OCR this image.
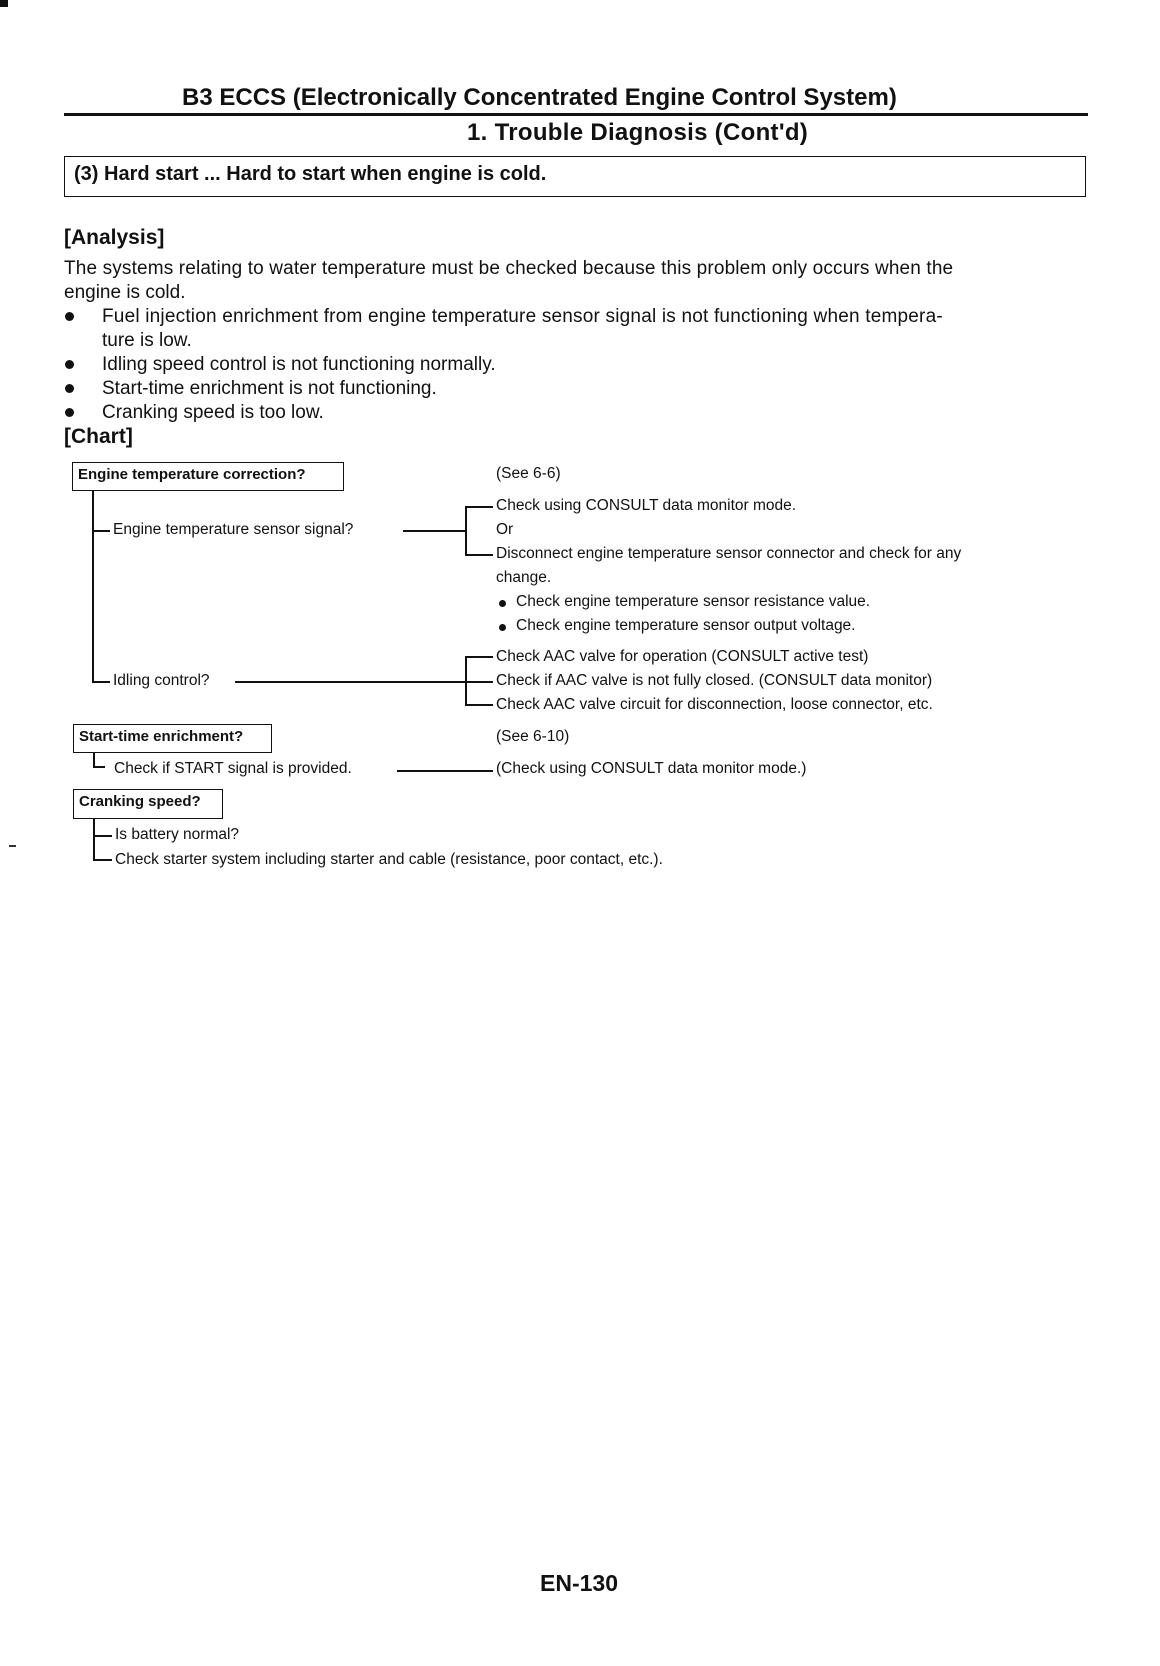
B3 ECCS (Electronically Concentrated Engine Control System)
1. Trouble Diagnosis (Cont'd)
(3) Hard start ... Hard to start when engine is cold.
[Analysis]
The systems relating to water temperature must be checked because this problem only occurs when the
engine is cold.
Fuel injection enrichment from engine temperature sensor signal is not functioning when tempera-
ture is low.
Idling speed control is not functioning normally.
Start-time enrichment is not functioning.
Cranking speed is too low.
[Chart]
Engine temperature correction?	(See 6-6)
Engine temperature sensor signal?
Check using CONSULT data monitor mode.
Or
Disconnect engine temperature sensor connector and check for any
change.
Check engine temperature sensor resistance value.
Check engine temperature sensor output voltage.
Idling control?
Check AAC valve for operation (CONSULT active test)
Check if AAC valve is not fully closed. (CONSULT data monitor)
Check AAC valve circuit for disconnection, loose connector, etc.
Start-time enrichment?	(See 6-10)
Check if START signal is provided.	(Check using CONSULT data monitor mode.)
Cranking speed?
Is battery normal?
Check starter system including starter and cable (resistance, poor contact, etc.).
EN-130
